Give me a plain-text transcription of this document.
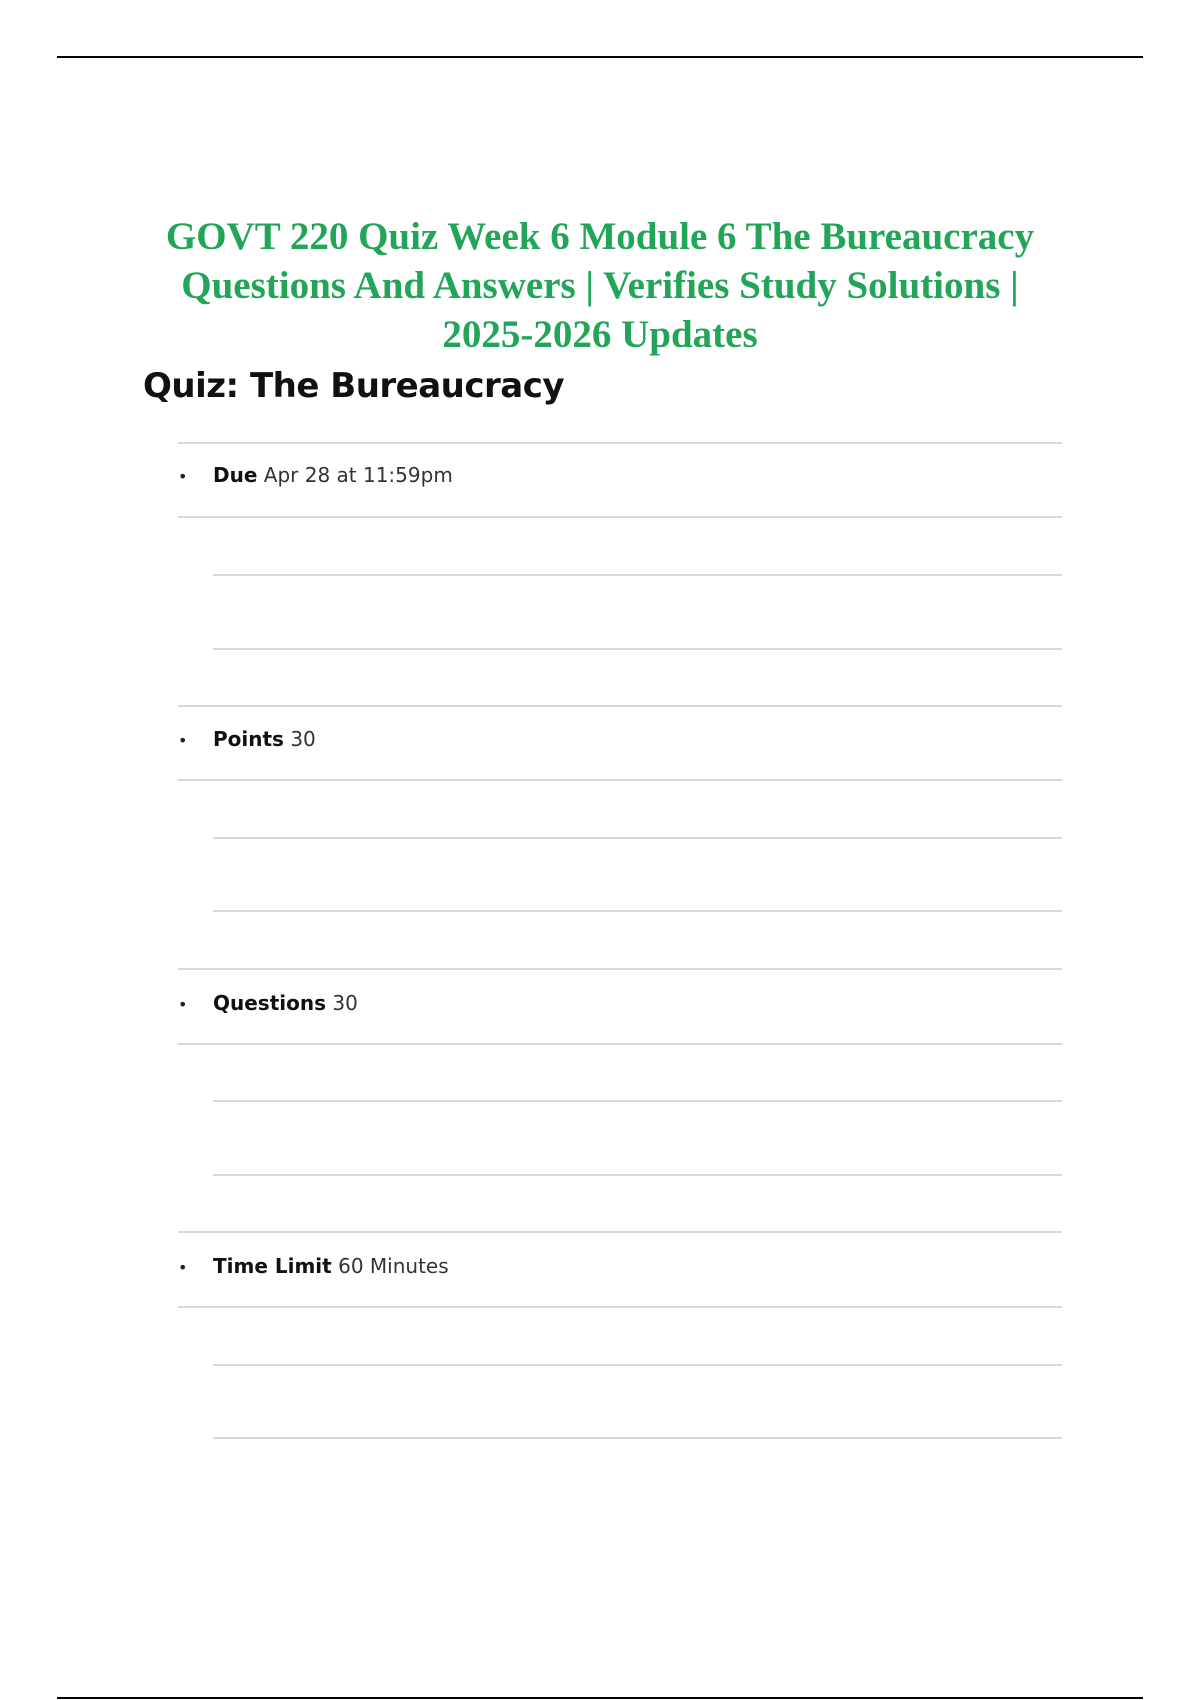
GOVT 220 Quiz Week 6 Module 6 The Bureaucracy
Questions And Answers | Verifies Study Solutions |
2025-2026 Updates
Quiz: The Bureaucracy
• Due Apr 28 at 11:59pm
• Points 30
• Questions 30
• Time Limit 60 Minutes
